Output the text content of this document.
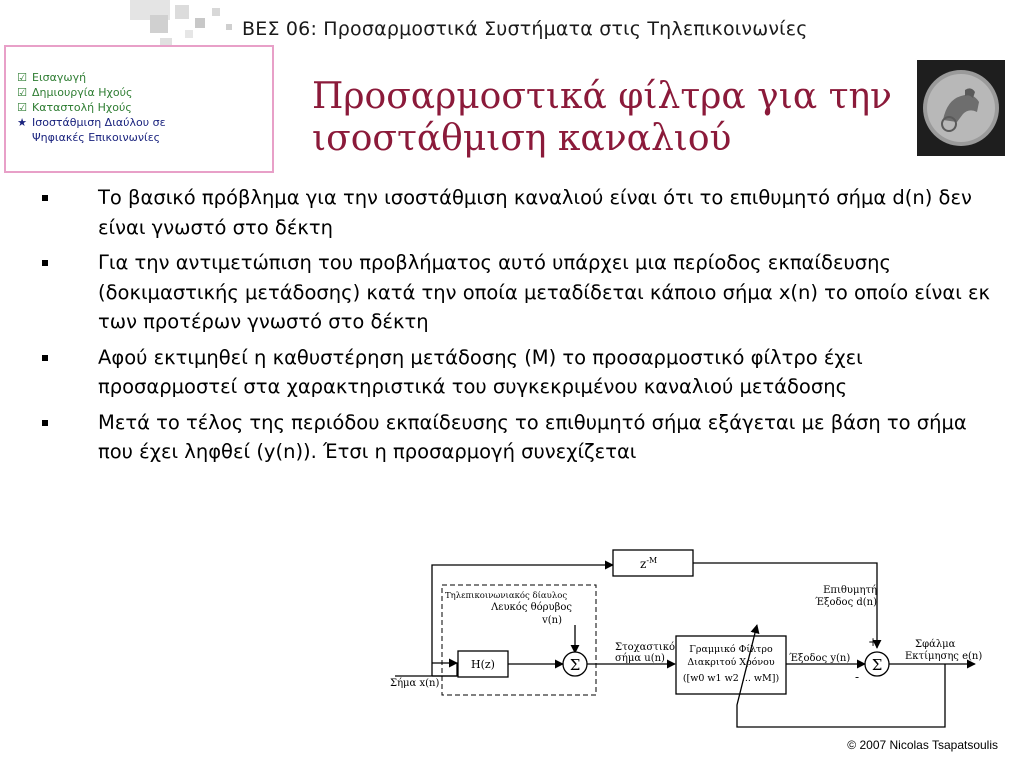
ΒΕΣ 06: Προσαρμοστικά Συστήματα στις Τηλεπικοινωνίες
☑ Εισαγωγή
☑ Δημιουργία Ηχούς
☑ Καταστολή Ηχούς
★ Ισοστάθμιση Διαύλου σε
Ψηφιακές Επικοινωνίες
Προσαρμοστικά φίλτρα για την
ισοστάθμιση καναλιού
Το βασικό πρόβλημα για την ισοστάθμιση καναλιού είναι ότι το επιθυμητό σήμα d(n) δεν είναι γνωστό στο δέκτη
Για την αντιμετώπιση του προβλήματος αυτό υπάρχει μια περίοδος εκπαίδευσης (δοκιμαστικής μετάδοσης) κατά την οποία μεταδίδεται κάποιο σήμα x(n) το οποίο είναι εκ των προτέρων γνωστό στο δέκτη
Αφού εκτιμηθεί η καθυστέρηση μετάδοσης (Μ) το προσαρμοστικό φίλτρο έχει προσαρμοστεί στα χαρακτηριστικά του συγκεκριμένου καναλιού μετάδοσης
Μετά το τέλος της περιόδου εκπαίδευσης το επιθυμητό σήμα εξάγεται με βάση το σήμα που έχει ληφθεί (y(n)). Έτσι η προσαρμογή συνεχίζεται
$z^{-M}$
Τηλεπικοινωνιακός δίαυλος
Λευκός θόρυβος
v(n)
Σήμα x(n)
H(z)	Σ
Στοχαστικό
σήμα u(n)
Γραμμικό Φίλτρο
Διακριτού Χρόνου
([w0 w1 w2 ... wM])
Έξοδος y(n)
Επιθυμητή
Έξοδος d(n)
+
-
Σ
Σφάλμα
Εκτίμησης e(n)
© 2007 Nicolas Tsapatsoulis
